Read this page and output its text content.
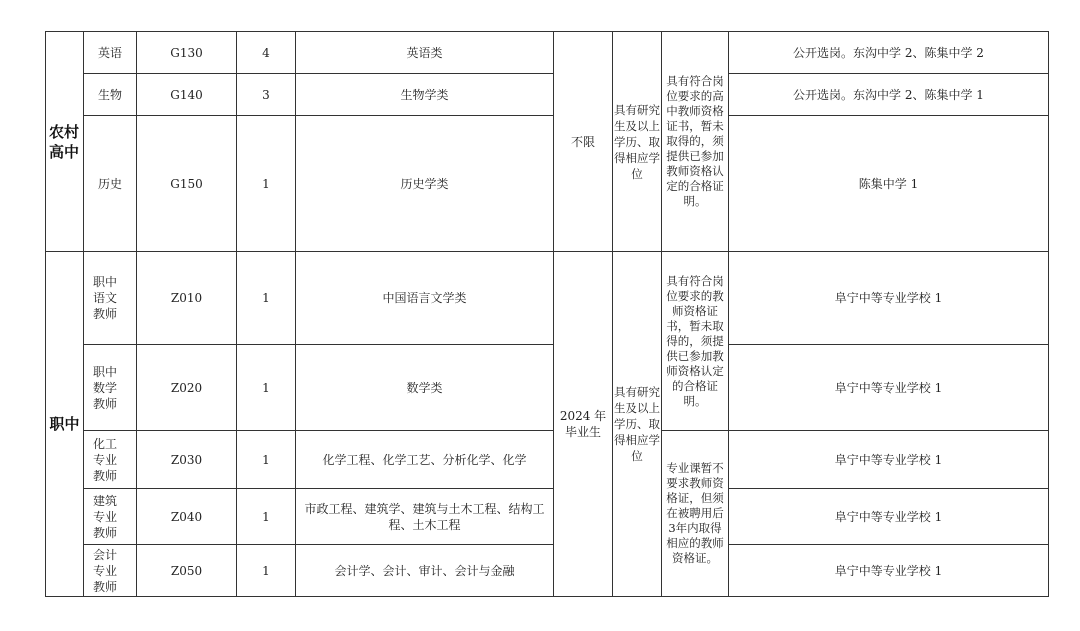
农村高中	英语	G130	4	英语类	不限	具有研究生及以上学历、取得相应学位	具有符合岗位要求的高中教师资格证书，暂未取得的，须提供已参加教师资格认定的合格证明。	公开选岗。东沟中学 2、陈集中学 2
	生物	G140	3	生物学类				公开选岗。东沟中学 2、陈集中学 1
	历史	G150	1	历史学类				陈集中学 1
职中	职中语文教师	Z010	1	中国语言文学类	2024 年毕业生	具有研究生及以上学历、取得相应学位	具有符合岗位要求的教师资格证书，暂未取得的，须提供已参加教师资格认定的合格证明。	阜宁中等专业学校 1
	职中数学教师	Z020	1	数学类				阜宁中等专业学校 1
	化工专业教师	Z030	1	化学工程、化学工艺、分析化学、化学			专业课暂不要求教师资格证，但须在被聘用后3年内取得相应的教师资格证。	阜宁中等专业学校 1
	建筑专业教师	Z040	1	市政工程、建筑学、建筑与土木工程、结构工程、土木工程				阜宁中等专业学校 1
	会计专业教师	Z050	1	会计学、会计、审计、会计与金融				阜宁中等专业学校 1
